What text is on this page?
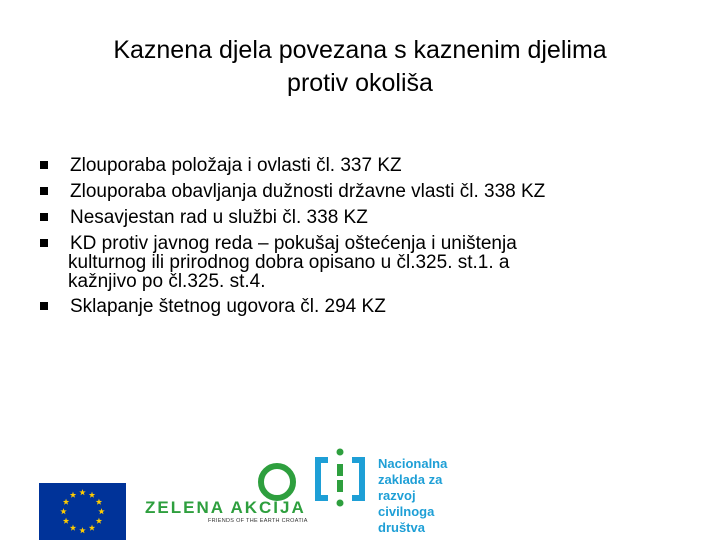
Kaznena djela povezana s kaznenim djelima
protiv okoliša
Zlouporaba položaja i ovlasti čl. 337 KZ
Zlouporaba obavljanja dužnosti državne vlasti čl. 338 KZ
Nesavjestan rad u službi čl. 338 KZ
KD protiv javnog reda – pokušaj oštećenja i uništenja
kulturnog ili prirodnog dobra opisano u čl.325. st.1. a
kažnjivo po čl.325. st.4.
Sklapanje štetnog ugovora čl. 294 KZ
ZELENA AKCIJA
FRIENDS OF THE EARTH CROATIA
Nacionalna
zaklada za
razvoj
civilnoga
društva
